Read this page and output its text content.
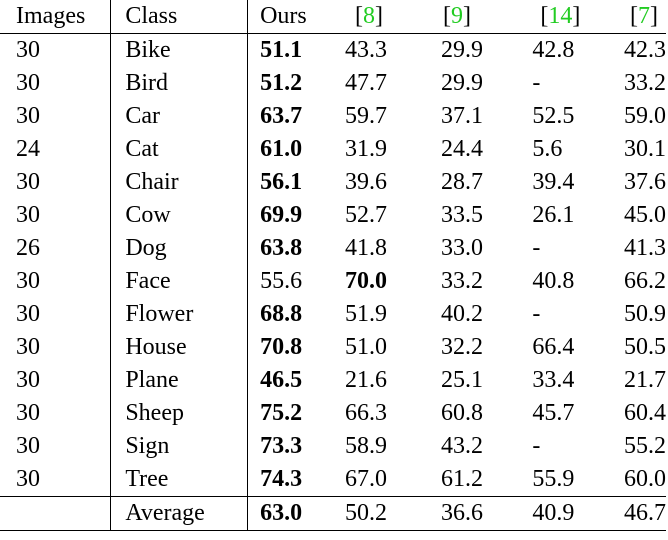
Images	Class	Ours	[8]	[9]	[14]	[7]
30	Bike	51.1	43.3	29.9	42.8	42.3
30	Bird	51.2	47.7	29.9	-	33.2
30	Car	63.7	59.7	37.1	52.5	59.0
24	Cat	61.0	31.9	24.4	5.6	30.1
30	Chair	56.1	39.6	28.7	39.4	37.6
30	Cow	69.9	52.7	33.5	26.1	45.0
26	Dog	63.8	41.8	33.0	-	41.3
30	Face	55.6	70.0	33.2	40.8	66.2
30	Flower	68.8	51.9	40.2	-	50.9
30	House	70.8	51.0	32.2	66.4	50.5
30	Plane	46.5	21.6	25.1	33.4	21.7
30	Sheep	75.2	66.3	60.8	45.7	60.4
30	Sign	73.3	58.9	43.2	-	55.2
30	Tree	74.3	67.0	61.2	55.9	60.0
	Average	63.0	50.2	36.6	40.9	46.7
